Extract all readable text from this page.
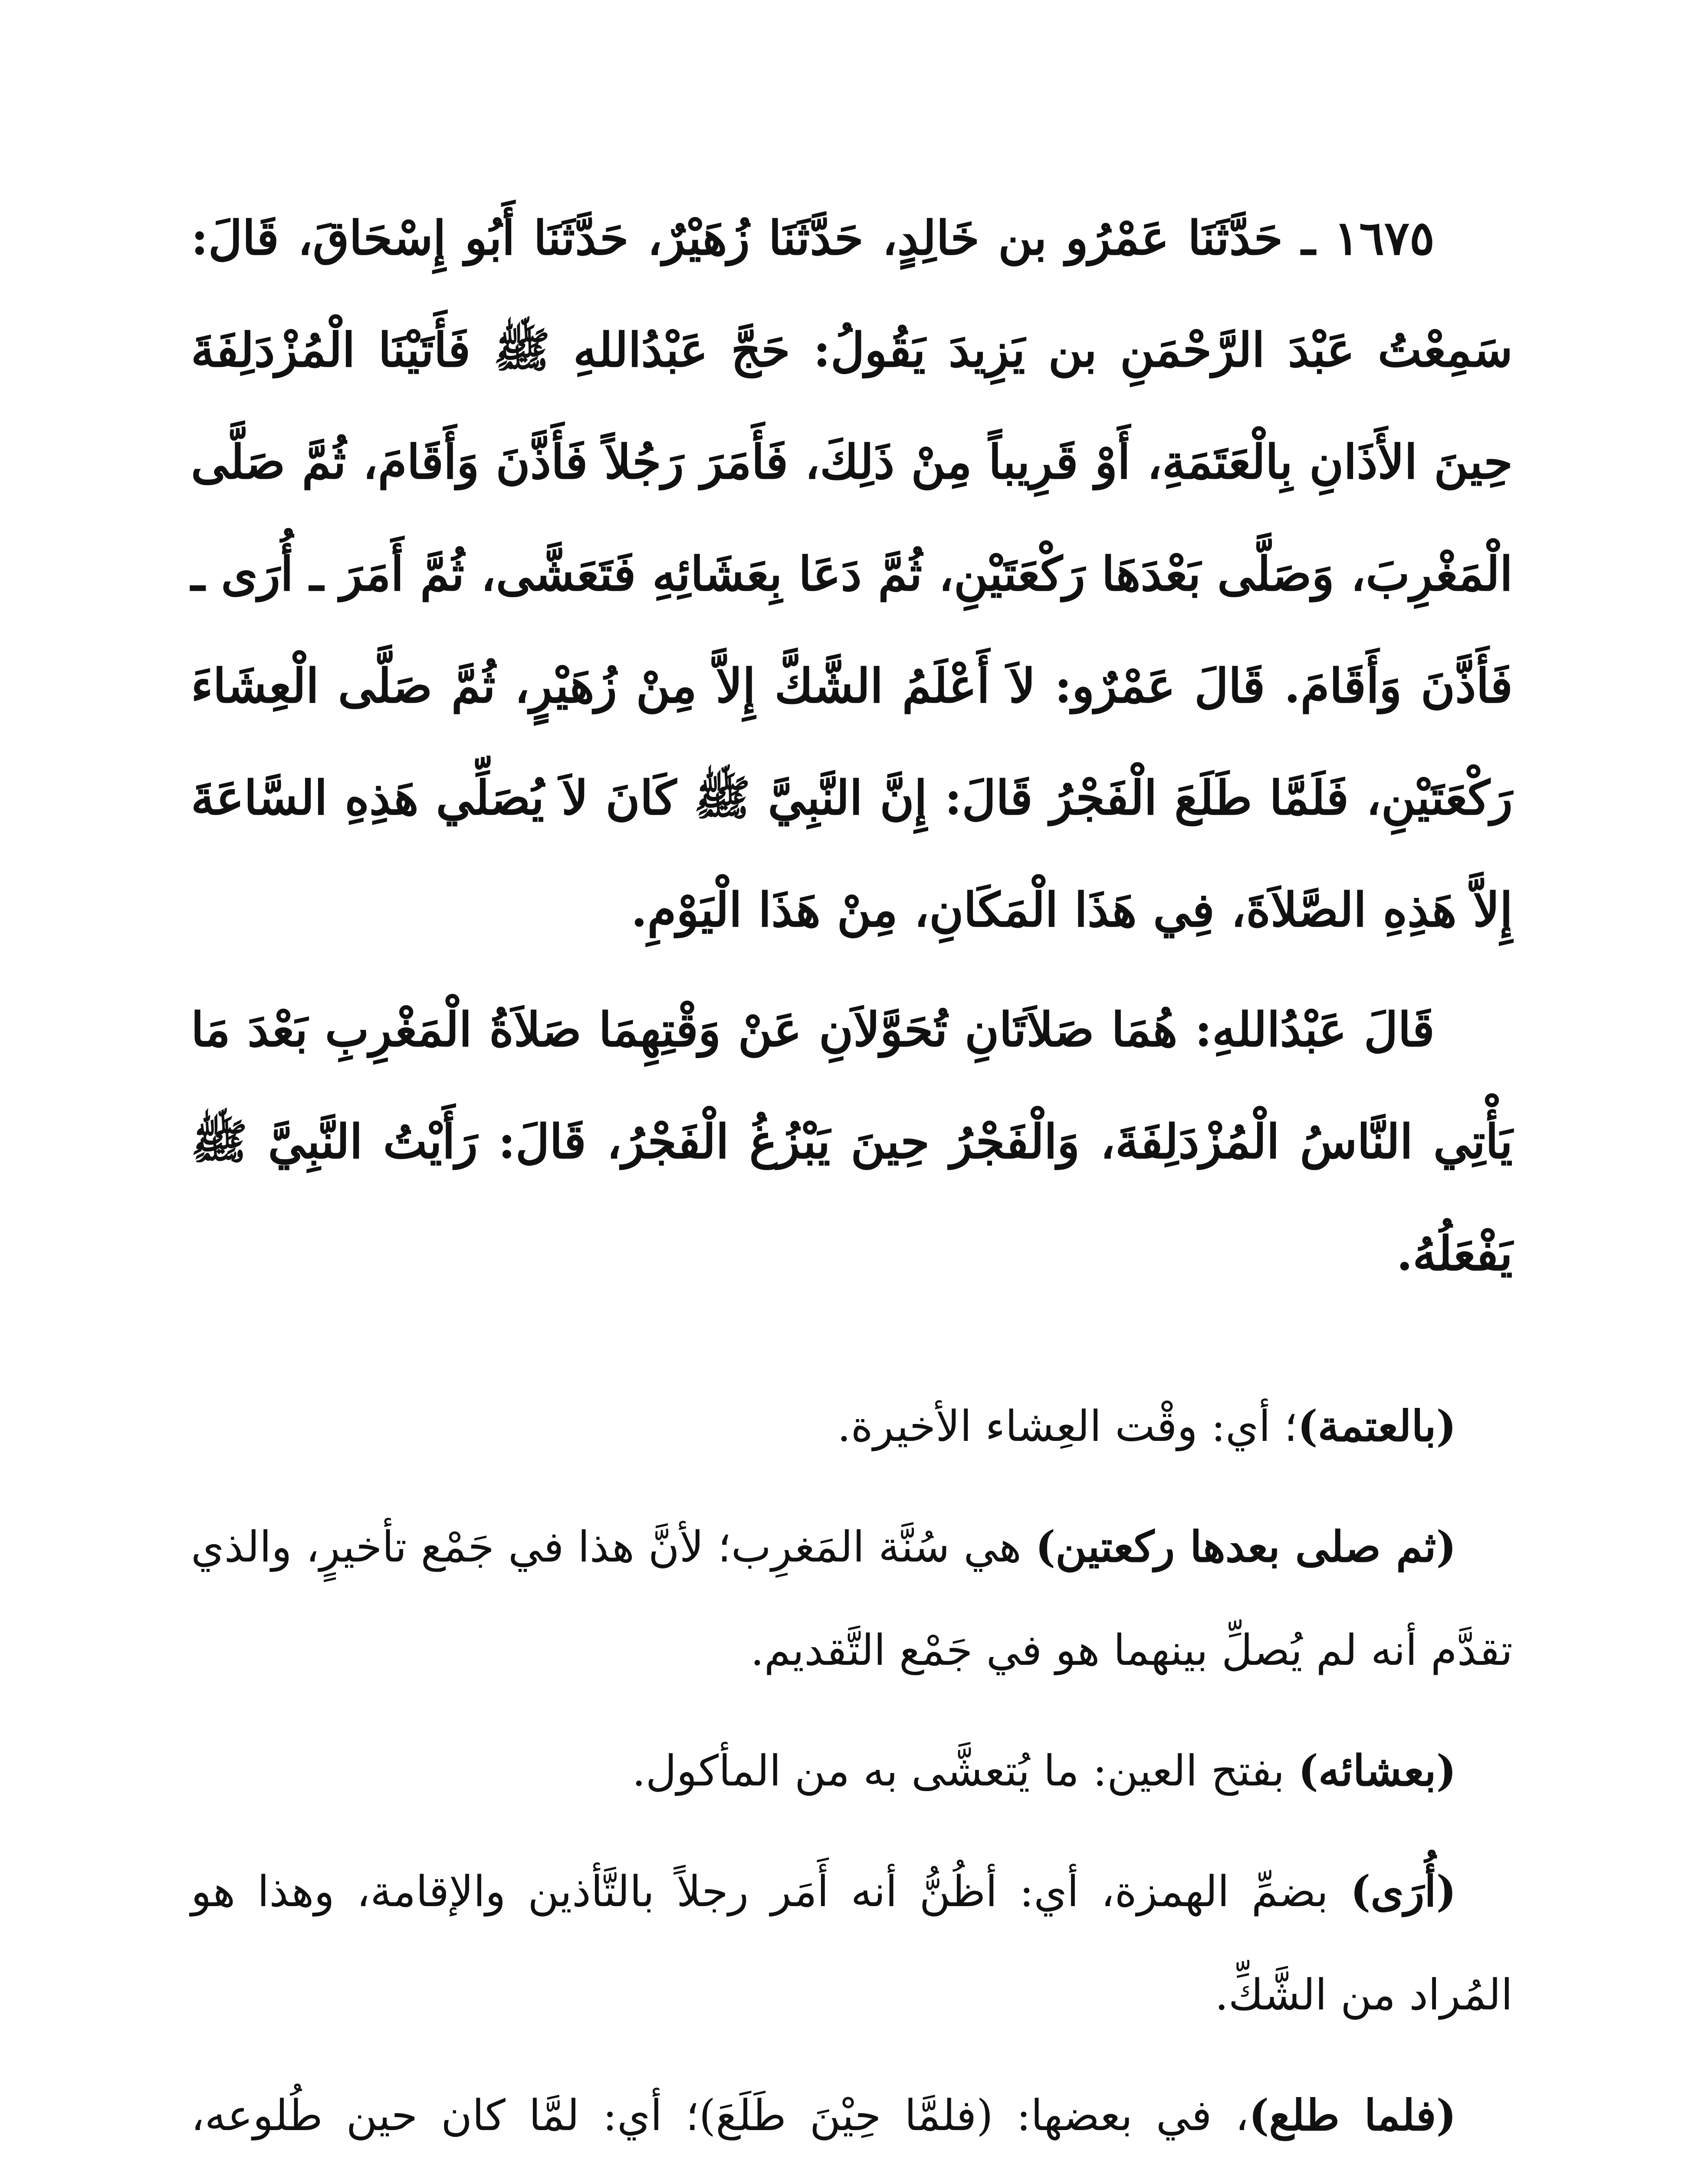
١٦٧٥ ـ حَدَّثَنَا عَمْرُو بن خَالِدٍ، حَدَّثَنَا زُهَيْرٌ، حَدَّثَنَا أَبُو إِسْحَاقَ، قَالَ: سَمِعْتُ عَبْدَ الرَّحْمَنِ بن يَزِيدَ يَقُولُ: حَجَّ عَبْدُاللهِ ﷺ فَأَتَيْنَا الْمُزْدَلِفَةَ حِينَ الأَذَانِ بِالْعَتَمَةِ، أَوْ قَرِيباً مِنْ ذَلِكَ، فَأَمَرَ رَجُلاً فَأَذَّنَ وَأَقَامَ، ثُمَّ صَلَّى الْمَغْرِبَ، وَصَلَّى بَعْدَهَا رَكْعَتَيْنِ، ثُمَّ دَعَا بِعَشَائِهِ فَتَعَشَّى، ثُمَّ أَمَرَ ـ أُرَى ـ فَأَذَّنَ وَأَقَامَ. قَالَ عَمْرٌو: لاَ أَعْلَمُ الشَّكَّ إِلاَّ مِنْ زُهَيْرٍ، ثُمَّ صَلَّى الْعِشَاءَ رَكْعَتَيْنِ، فَلَمَّا طَلَعَ الْفَجْرُ قَالَ: إِنَّ النَّبِيَّ ﷺ كَانَ لاَ يُصَلِّي هَذِهِ السَّاعَةَ إِلاَّ هَذِهِ الصَّلاَةَ، فِي هَذَا الْمَكَانِ، مِنْ هَذَا الْيَوْمِ.

قَالَ عَبْدُاللهِ: هُمَا صَلاَتَانِ تُحَوَّلاَنِ عَنْ وَقْتِهِمَا صَلاَةُ الْمَغْرِبِ بَعْدَ مَا يَأْتِي النَّاسُ الْمُزْدَلِفَةَ، وَالْفَجْرُ حِينَ يَبْزُغُ الْفَجْرُ، قَالَ: رَأَيْتُ النَّبِيَّ ﷺ يَفْعَلُهُ.

(بالعتمة)؛ أي: وقْت العِشاء الأخيرة.

(ثم صلى بعدها ركعتين) هي سُنَّة المَغرِب؛ لأنَّ هذا في جَمْع تأخيرٍ، والذي تقدَّم أنه لم يُصلِّ بينهما هو في جَمْع التَّقديم.

(بعشائه) بفتح العين: ما يُتعشَّى به من المأكول.

(أُرَى) بضمِّ الهمزة، أي: أظُنُّ أنه أَمَر رجلاً بالتَّأذين والإقامة، وهذا هو المُراد من الشَّكِّ.

(فلما طلع)، في بعضها: (فلمَّا حِيْنَ طَلَعَ)؛ أي: لمَّا كان حين طُلوعه،
